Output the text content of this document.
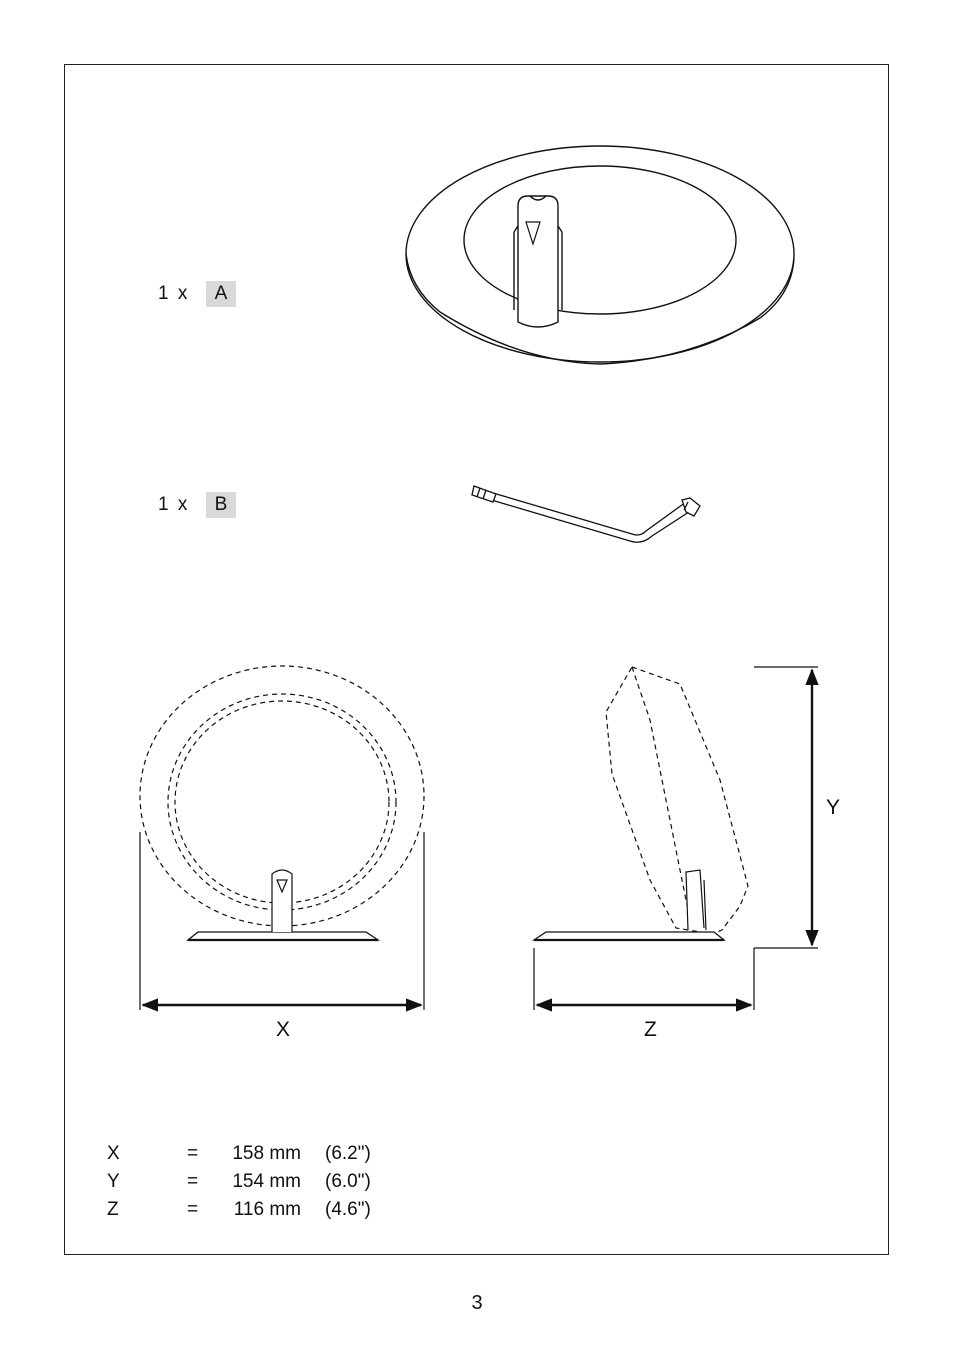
1 x	A
1 x	B
X	Z
Y
X	=	158 mm	(6.2")
Y	=	154 mm	(6.0")
Z	=	116 mm	(4.6")
3
